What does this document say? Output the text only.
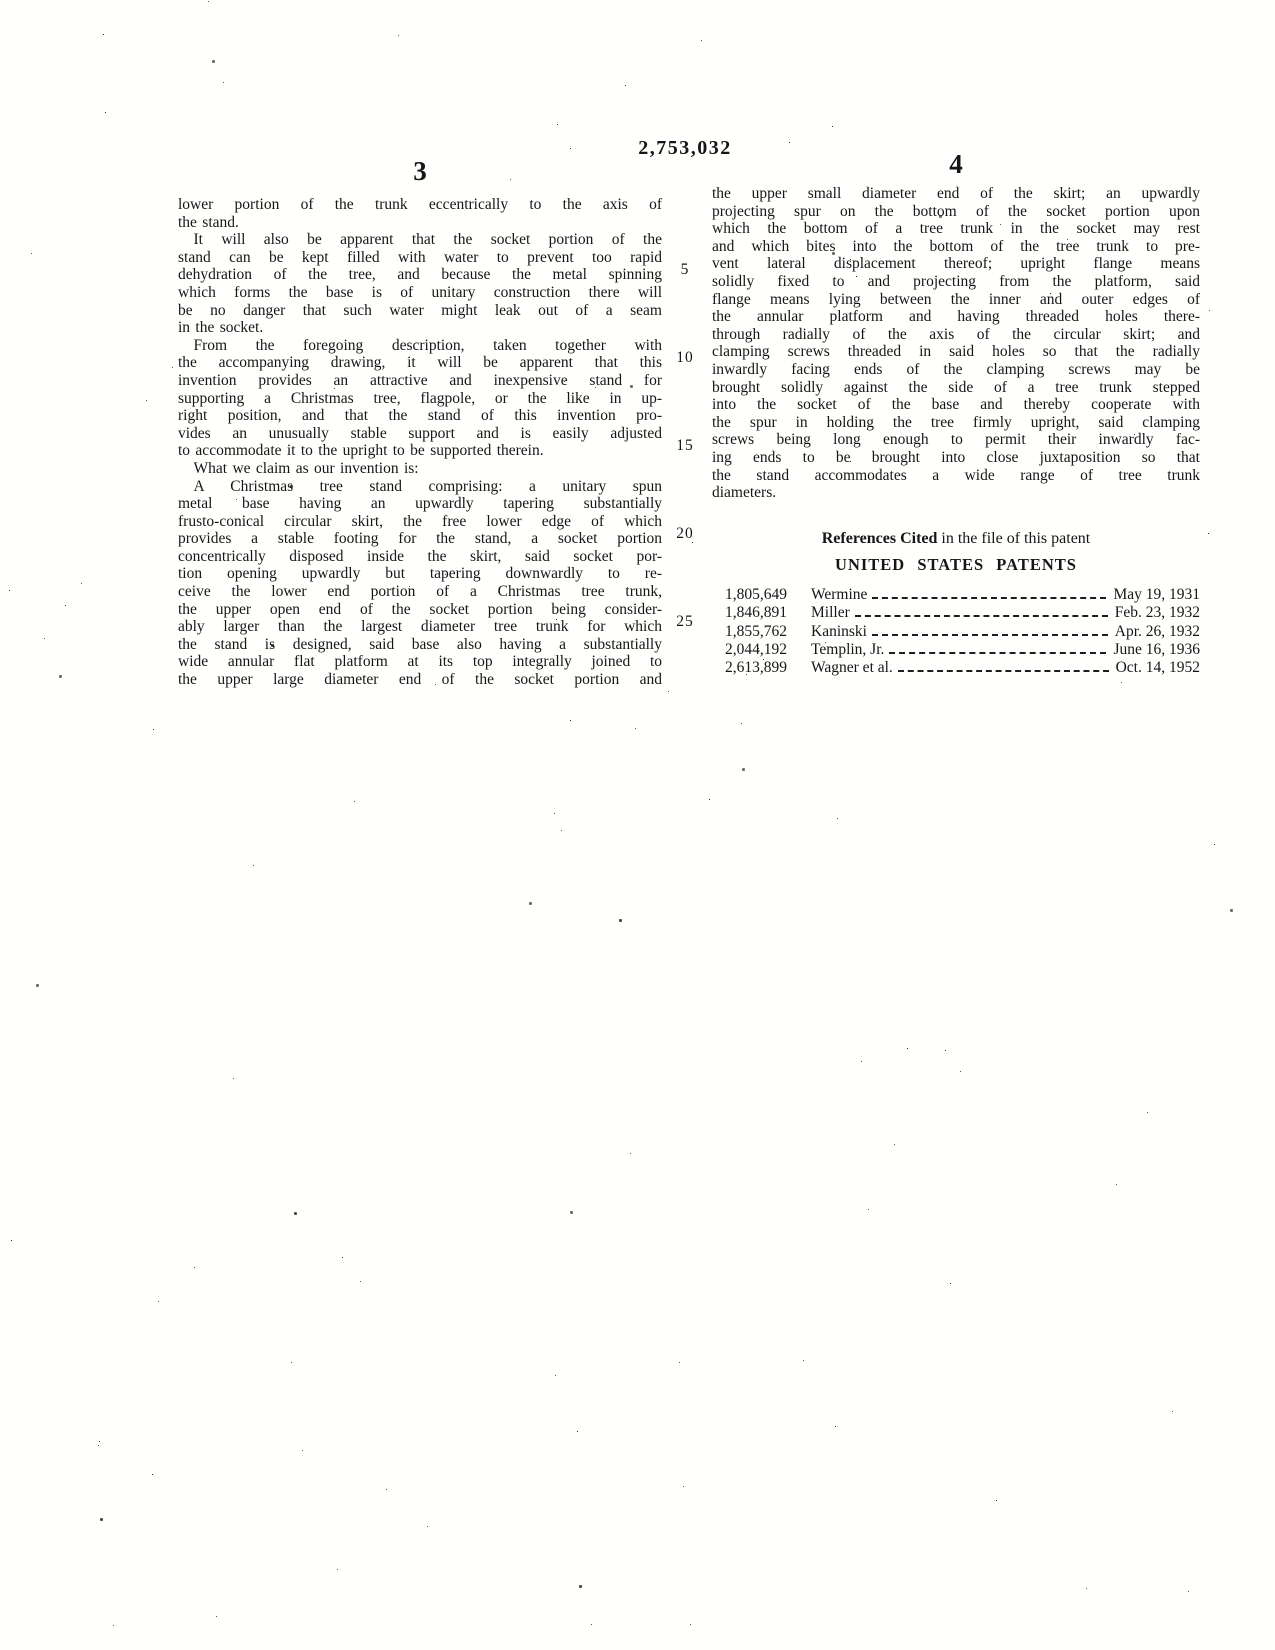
2,753,032
3	4
lower portion of the trunk eccentrically to the axis of
the stand.
 It will also be apparent that the socket portion of the
stand can be kept filled with water to prevent too rapid
dehydration of the tree, and because the metal spinning
which forms the base is of unitary construction there will
be no danger that such water might leak out of a seam
in the socket.
 From the foregoing description, taken together with
the accompanying drawing, it will be apparent that this
invention provides an attractive and inexpensive stand for
supporting a Christmas tree, flagpole, or the like in up-
right position, and that the stand of this invention pro-
vides an unusually stable support and is easily adjusted
to accommodate it to the upright to be supported therein.
 What we claim as our invention is:
 A Christmas tree stand comprising: a unitary spun
metal base having an upwardly tapering substantially
frusto-conical circular skirt, the free lower edge of which
provides a stable footing for the stand, a socket portion
concentrically disposed inside the skirt, said socket por-
tion opening upwardly but tapering downwardly to re-
ceive the lower end portion of a Christmas tree trunk,
the upper open end of the socket portion being consider-
ably larger than the largest diameter tree trunk for which
the stand is designed, said base also having a substantially
wide annular flat platform at its top integrally joined to
the upper large diameter end of the socket portion and
5
10
15
20
25
the upper small diameter end of the skirt; an upwardly
projecting spur on the bottom of the socket portion upon
which the bottom of a tree trunk in the socket may rest
and which bites into the bottom of the tree trunk to pre-
vent lateral displacement thereof; upright flange means
solidly fixed to and projecting from the platform, said
flange means lying between the inner and outer edges of
the annular platform and having threaded holes there-
through radially of the axis of the circular skirt; and
clamping screws threaded in said holes so that the radially
inwardly facing ends of the clamping screws may be
brought solidly against the side of a tree trunk stepped
into the socket of the base and thereby cooperate with
the spur in holding the tree firmly upright, said clamping
screws being long enough to permit their inwardly fac-
ing ends to be brought into close juxtaposition so that
the stand accommodates a wide range of tree trunk
diameters.
References Cited in the file of this patent
UNITED STATES PATENTS
1,805,649	Wermine	May 19, 1931
1,846,891	Miller	Feb. 23, 1932
1,855,762	Kaninski	Apr. 26, 1932
2,044,192	Templin, Jr.	June 16, 1936
2,613,899	Wagner et al.	Oct. 14, 1952
